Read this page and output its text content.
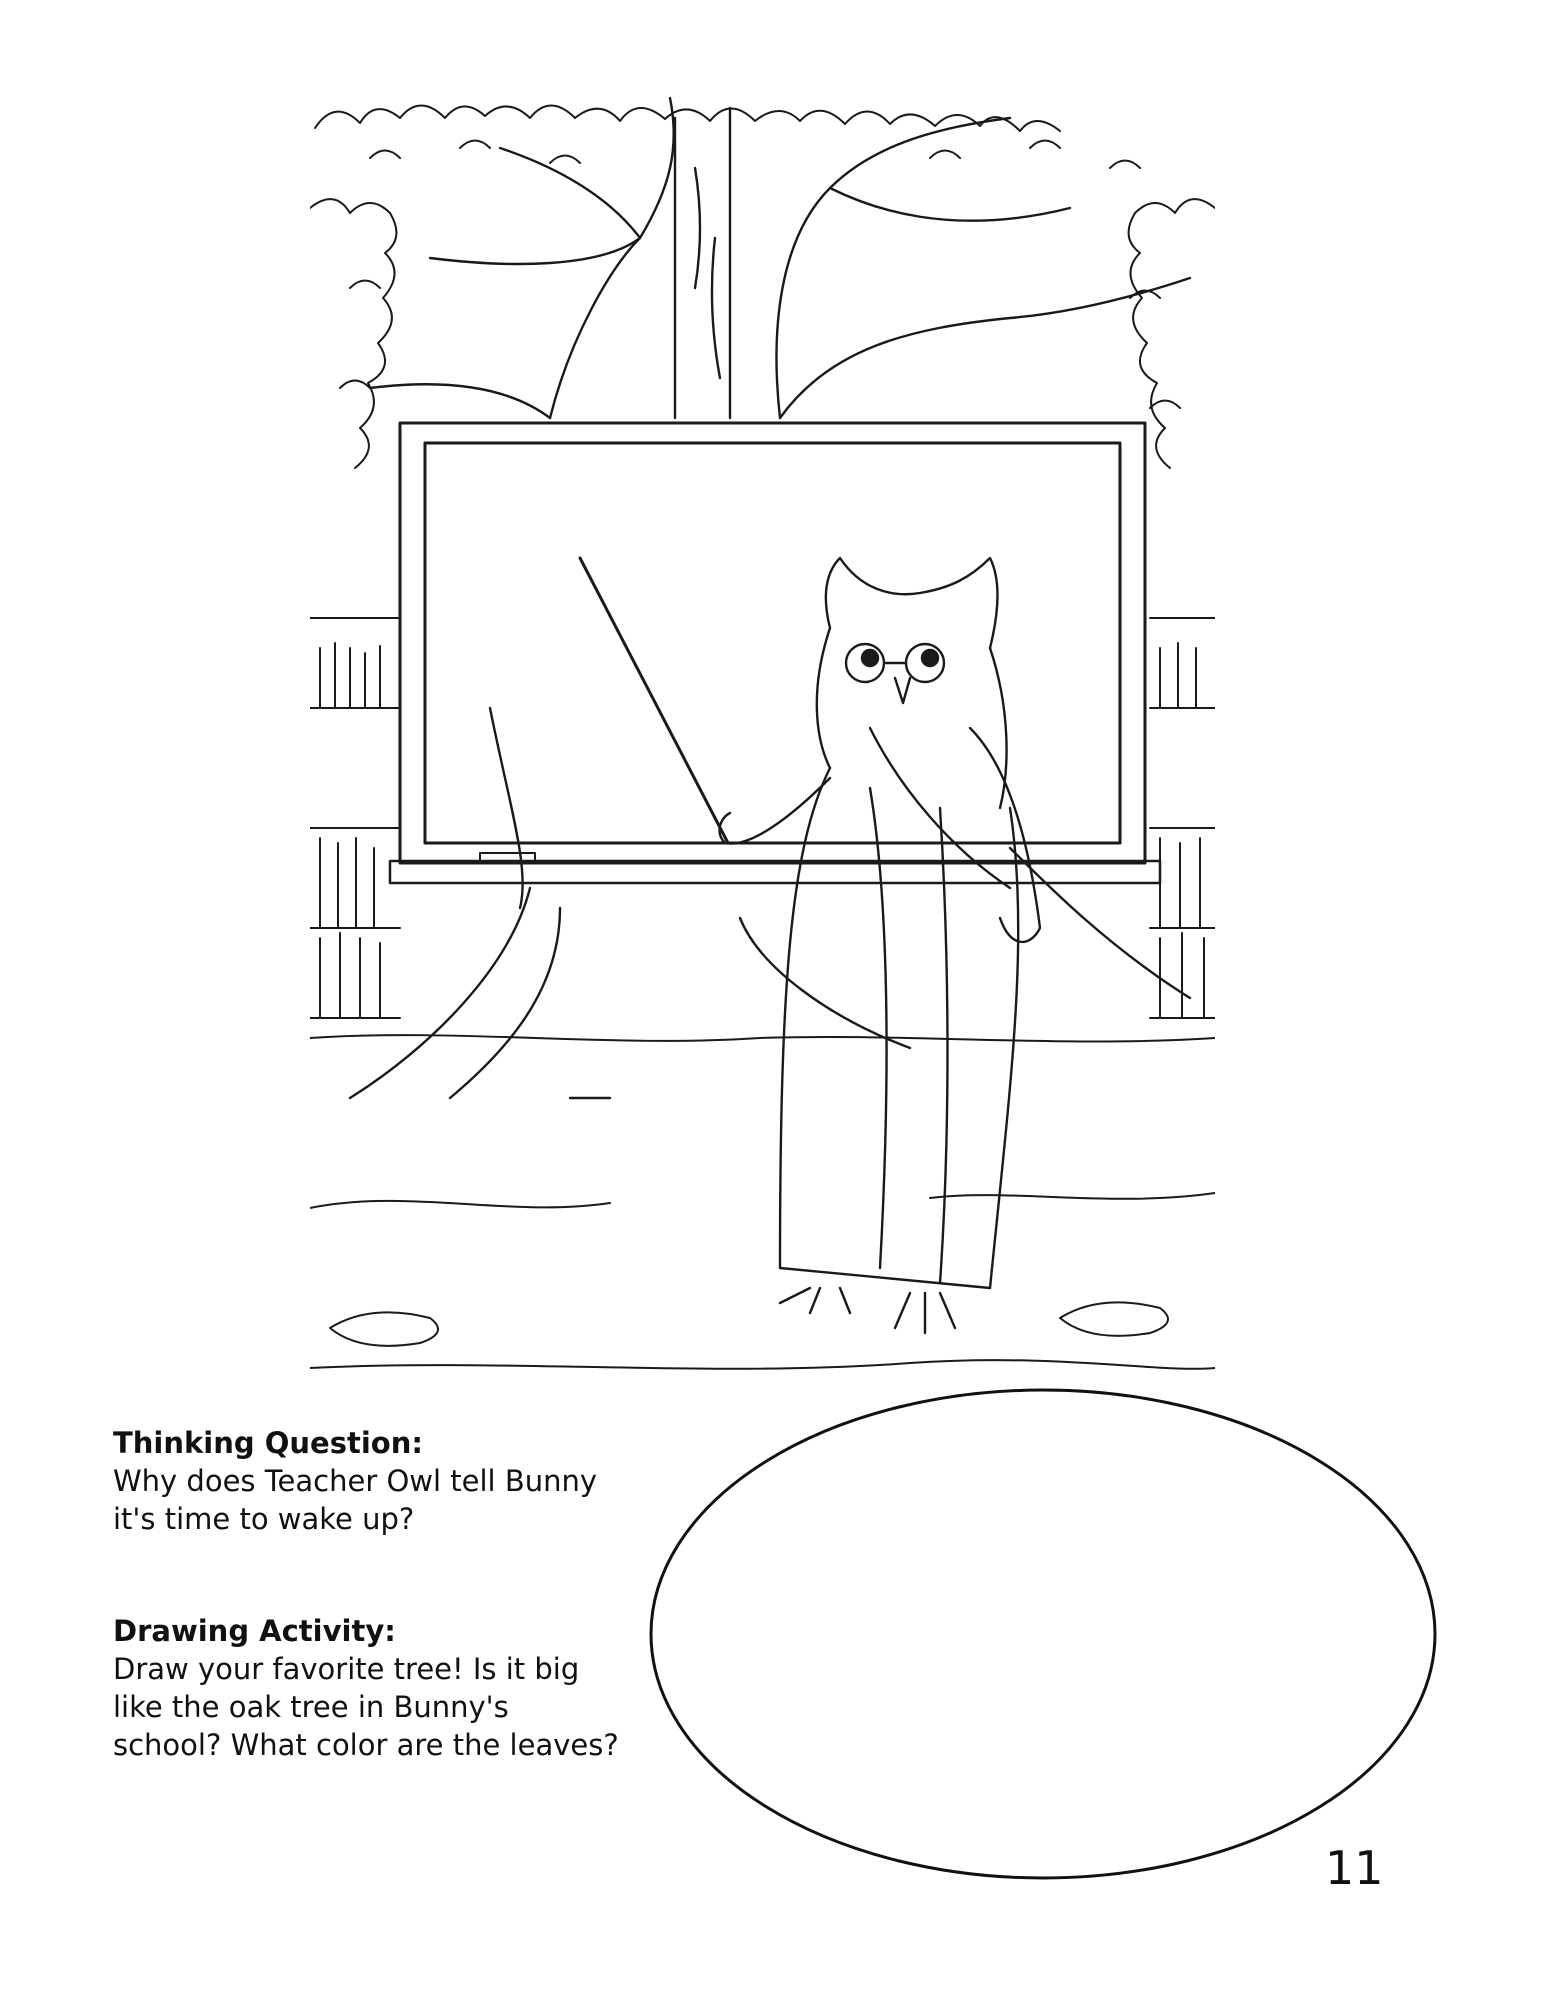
Thinking Question:
Why does Teacher Owl tell Bunny
it's time to wake up?
Drawing Activity:
Draw your favorite tree! Is it big
like the oak tree in Bunny's
school? What color are the leaves?
11
